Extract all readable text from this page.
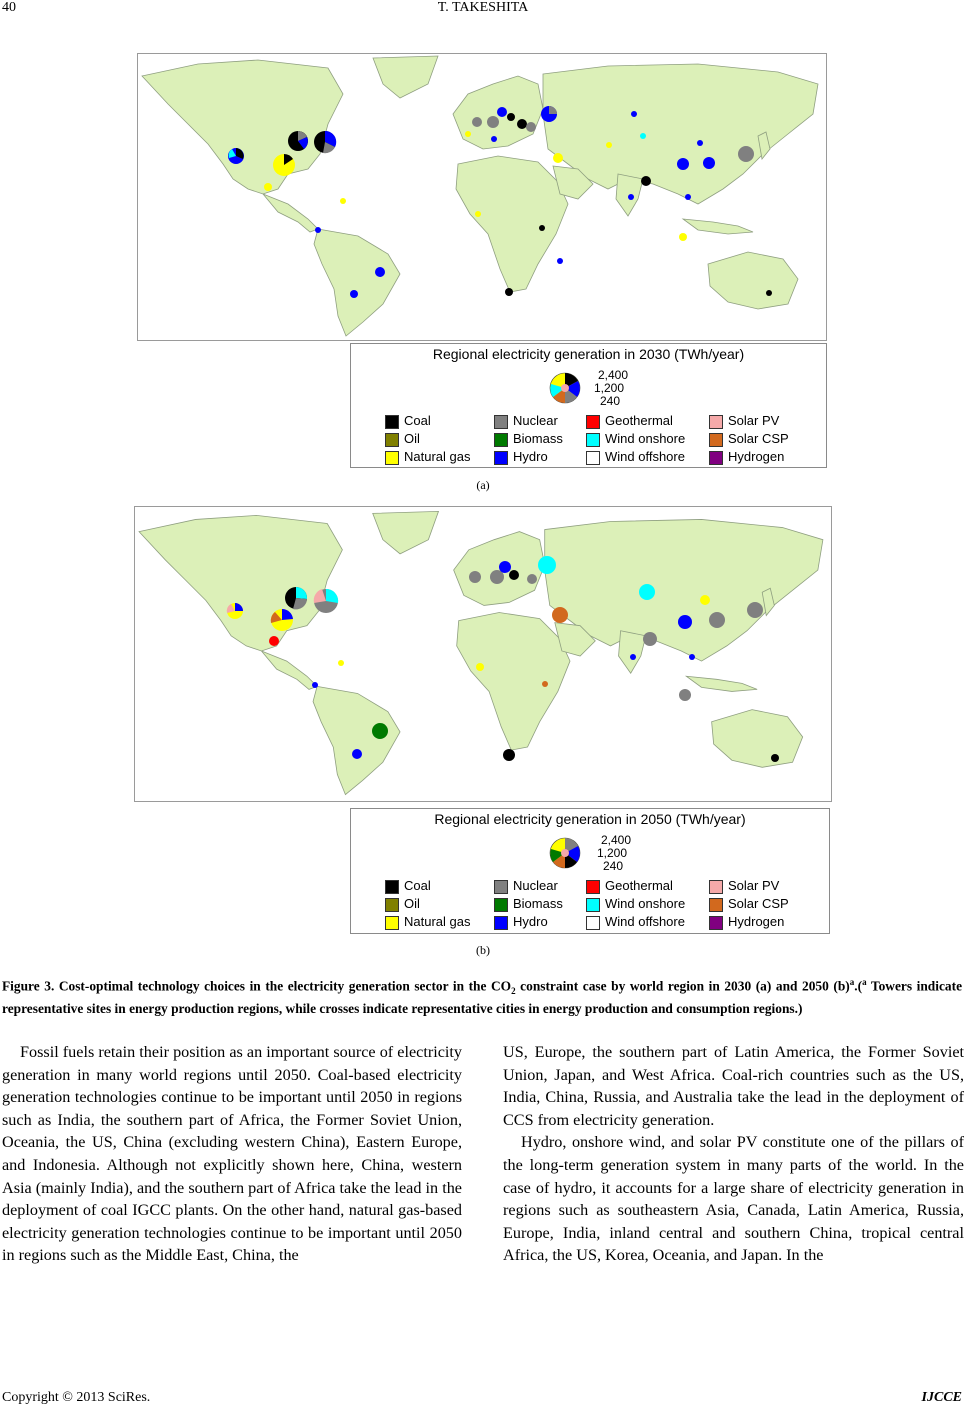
40	T. TAKESHITA
Regional electricity generation in 2030 (TWh/year)
2,400
1,200
240
Coal	Nuclear	Geothermal	Solar PV
Oil	Biomass	Wind onshore	Solar CSP
Natural gas	Hydro	Wind offshore	Hydrogen
(a)
Regional electricity generation in 2050 (TWh/year)
2,400
1,200
240
Coal	Nuclear	Geothermal	Solar PV
Oil	Biomass	Wind onshore	Solar CSP
Natural gas	Hydro	Wind offshore	Hydrogen
(b)
Figure 3. Cost-optimal technology choices in the electricity generation sector in the $CO_2$ constraint case by world region in 2030 (a) and 2050 $(b)^a.(^a$ Towers indicate representative sites in energy production regions, while crosses indicate representative cities in energy production and consumption regions.)

Fossil fuels retain their position as an important source of electricity generation in many world regions until 2050. Coal-based electricity generation technologies continue to be important until 2050 in regions such as India, the southern part of Africa, the Former Soviet Union, Oceania, the US, China (excluding western China), Eastern Europe, and Indonesia. Although not explicitly shown here, China, western Asia (mainly India), and the southern part of Africa take the lead in the deployment of coal IGCC plants. On the other hand, natural gas-based electricity generation technologies continue to be important until 2050 in regions such as the Middle East, China, the

US, Europe, the southern part of Latin America, the Former Soviet Union, Japan, and West Africa. Coal-rich countries such as the US, India, China, Russia, and Australia take the lead in the deployment of CCS from electricity generation.

Hydro, onshore wind, and solar PV constitute one of the pillars of the long-term generation system in many parts of the world. In the case of hydro, it accounts for a large share of electricity generation in regions such as southeastern Asia, Canada, Latin America, Russia, Europe, India, inland central and southern China, tropical central Africa, the US, Korea, Oceania, and Japan. In the

Copyright © 2013 SciRes.	IJCCE
